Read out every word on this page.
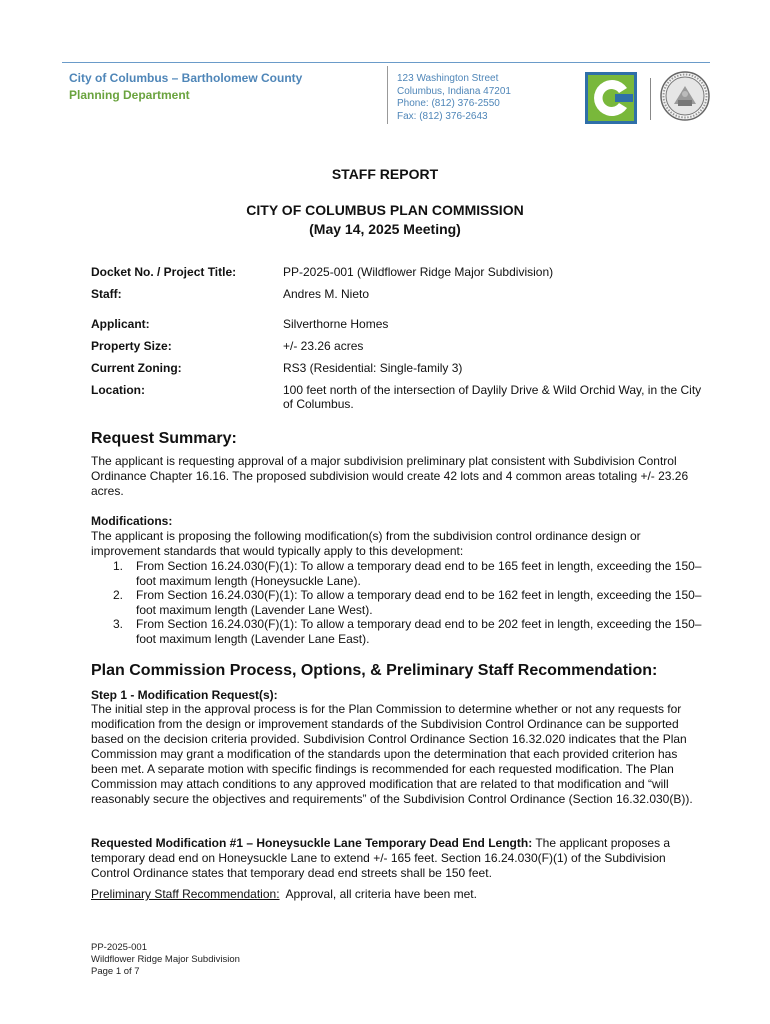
City of Columbus – Bartholomew County
Planning Department
123 Washington Street
Columbus, Indiana 47201
Phone: (812) 376-2550
Fax: (812) 376-2643
STAFF REPORT
CITY OF COLUMBUS PLAN COMMISSION
(May 14, 2025 Meeting)
Docket No. / Project Title:	PP-2025-001 (Wildflower Ridge Major Subdivision)
Staff:	Andres M. Nieto
Applicant:	Silverthorne Homes
Property Size:	+/- 23.26 acres
Current Zoning:	RS3 (Residential: Single-family 3)
Location:	100 feet north of the intersection of Daylily Drive & Wild Orchid Way, in the City of Columbus.
Request Summary:
The applicant is requesting approval of a major subdivision preliminary plat consistent with Subdivision Control Ordinance Chapter 16.16. The proposed subdivision would create 42 lots and 4 common areas totaling +/- 23.26 acres.
Modifications:
The applicant is proposing the following modification(s) from the subdivision control ordinance design or improvement standards that would typically apply to this development:
1. From Section 16.24.030(F)(1): To allow a temporary dead end to be 165 feet in length, exceeding the 150–foot maximum length (Honeysuckle Lane).
2. From Section 16.24.030(F)(1): To allow a temporary dead end to be 162 feet in length, exceeding the 150–foot maximum length (Lavender Lane West).
3. From Section 16.24.030(F)(1): To allow a temporary dead end to be 202 feet in length, exceeding the 150–foot maximum length (Lavender Lane East).
Plan Commission Process, Options, & Preliminary Staff Recommendation:
Step 1 - Modification Request(s):
The initial step in the approval process is for the Plan Commission to determine whether or not any requests for modification from the design or improvement standards of the Subdivision Control Ordinance can be supported based on the decision criteria provided. Subdivision Control Ordinance Section 16.32.020 indicates that the Plan Commission may grant a modification of the standards upon the determination that each provided criterion has been met. A separate motion with specific findings is recommended for each requested modification. The Plan Commission may attach conditions to any approved modification that are related to that modification and “will reasonably secure the objectives and requirements” of the Subdivision Control Ordinance (Section 16.32.030(B)).
Requested Modification #1 – Honeysuckle Lane Temporary Dead End Length: The applicant proposes a temporary dead end on Honeysuckle Lane to extend +/- 165 feet. Section 16.24.030(F)(1) of the Subdivision Control Ordinance states that temporary dead end streets shall be 150 feet.
Preliminary Staff Recommendation:  Approval, all criteria have been met.
PP-2025-001
Wildflower Ridge Major Subdivision
Page 1 of 7
